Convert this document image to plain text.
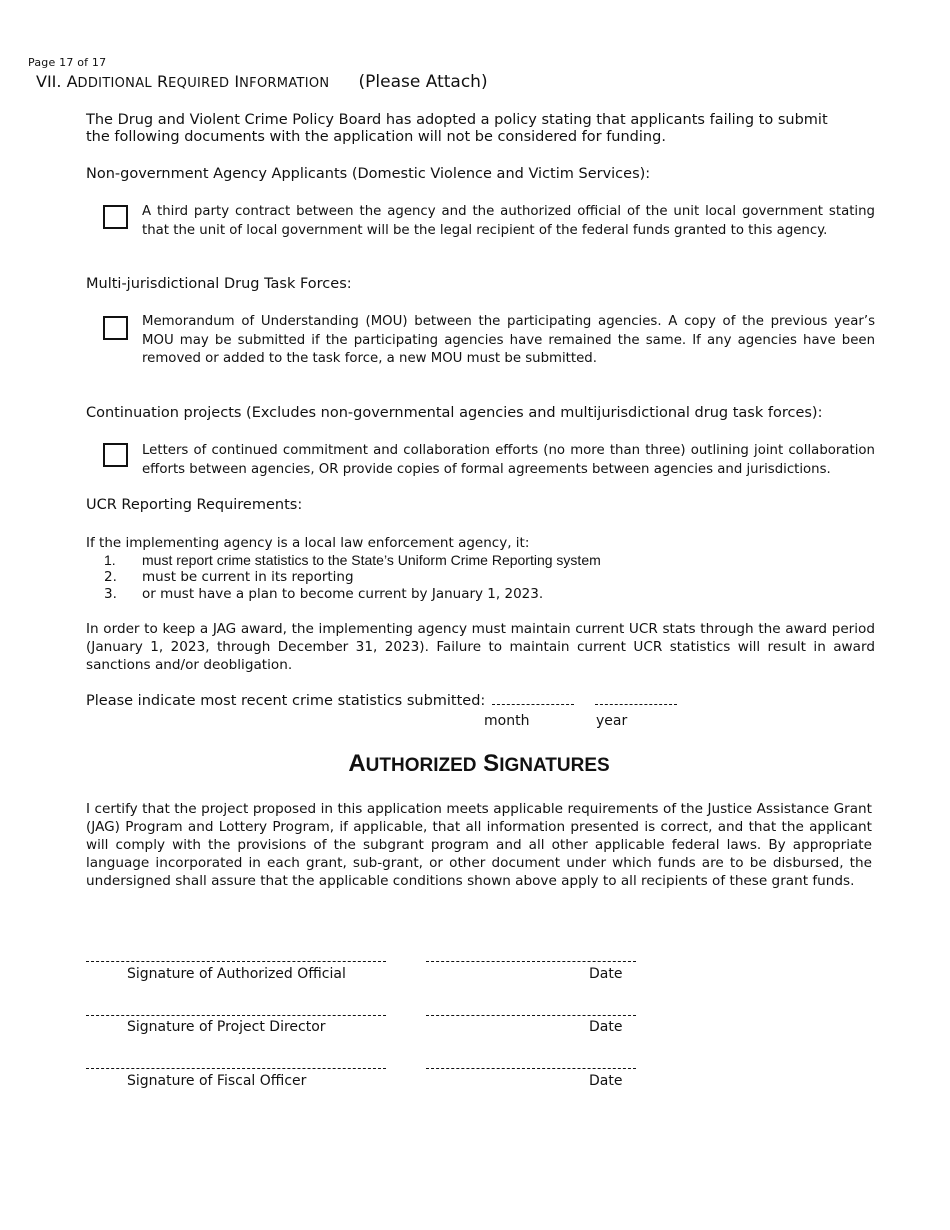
Page 17 of 17
VII. ADDITIONAL REQUIRED INFORMATION (Please Attach)
The Drug and Violent Crime Policy Board has adopted a policy stating that applicants failing to submit the following documents with the application will not be considered for funding.
Non-government Agency Applicants (Domestic Violence and Victim Services):
A third party contract between the agency and the authorized official of the unit local government stating that the unit of local government will be the legal recipient of the federal funds granted to this agency.
Multi-jurisdictional Drug Task Forces:
Memorandum of Understanding (MOU) between the participating agencies. A copy of the previous year’s MOU may be submitted if the participating agencies have remained the same. If any agencies have been removed or added to the task force, a new MOU must be submitted.
Continuation projects (Excludes non-governmental agencies and multijurisdictional drug task forces):
Letters of continued commitment and collaboration efforts (no more than three) outlining joint collaboration efforts between agencies, OR provide copies of formal agreements between agencies and jurisdictions.
UCR Reporting Requirements:
If the implementing agency is a local law enforcement agency, it:
1. must report crime statistics to the State’s Uniform Crime Reporting system
2. must be current in its reporting
3. or must have a plan to become current by January 1, 2023.
In order to keep a JAG award, the implementing agency must maintain current UCR stats through the award period (January 1, 2023, through December 31, 2023). Failure to maintain current UCR statistics will result in award sanctions and/or deobligation.
Please indicate most recent crime statistics submitted:
month	year
AUTHORIZED SIGNATURES
I certify that the project proposed in this application meets applicable requirements of the Justice Assistance Grant (JAG) Program and Lottery Program, if applicable, that all information presented is correct, and that the applicant will comply with the provisions of the subgrant program and all other applicable federal laws. By appropriate language incorporated in each grant, sub-grant, or other document under which funds are to be disbursed, the undersigned shall assure that the applicable conditions shown above apply to all recipients of these grant funds.
Signature of Authorized Official	Date
Signature of Project Director	Date
Signature of Fiscal Officer	Date
